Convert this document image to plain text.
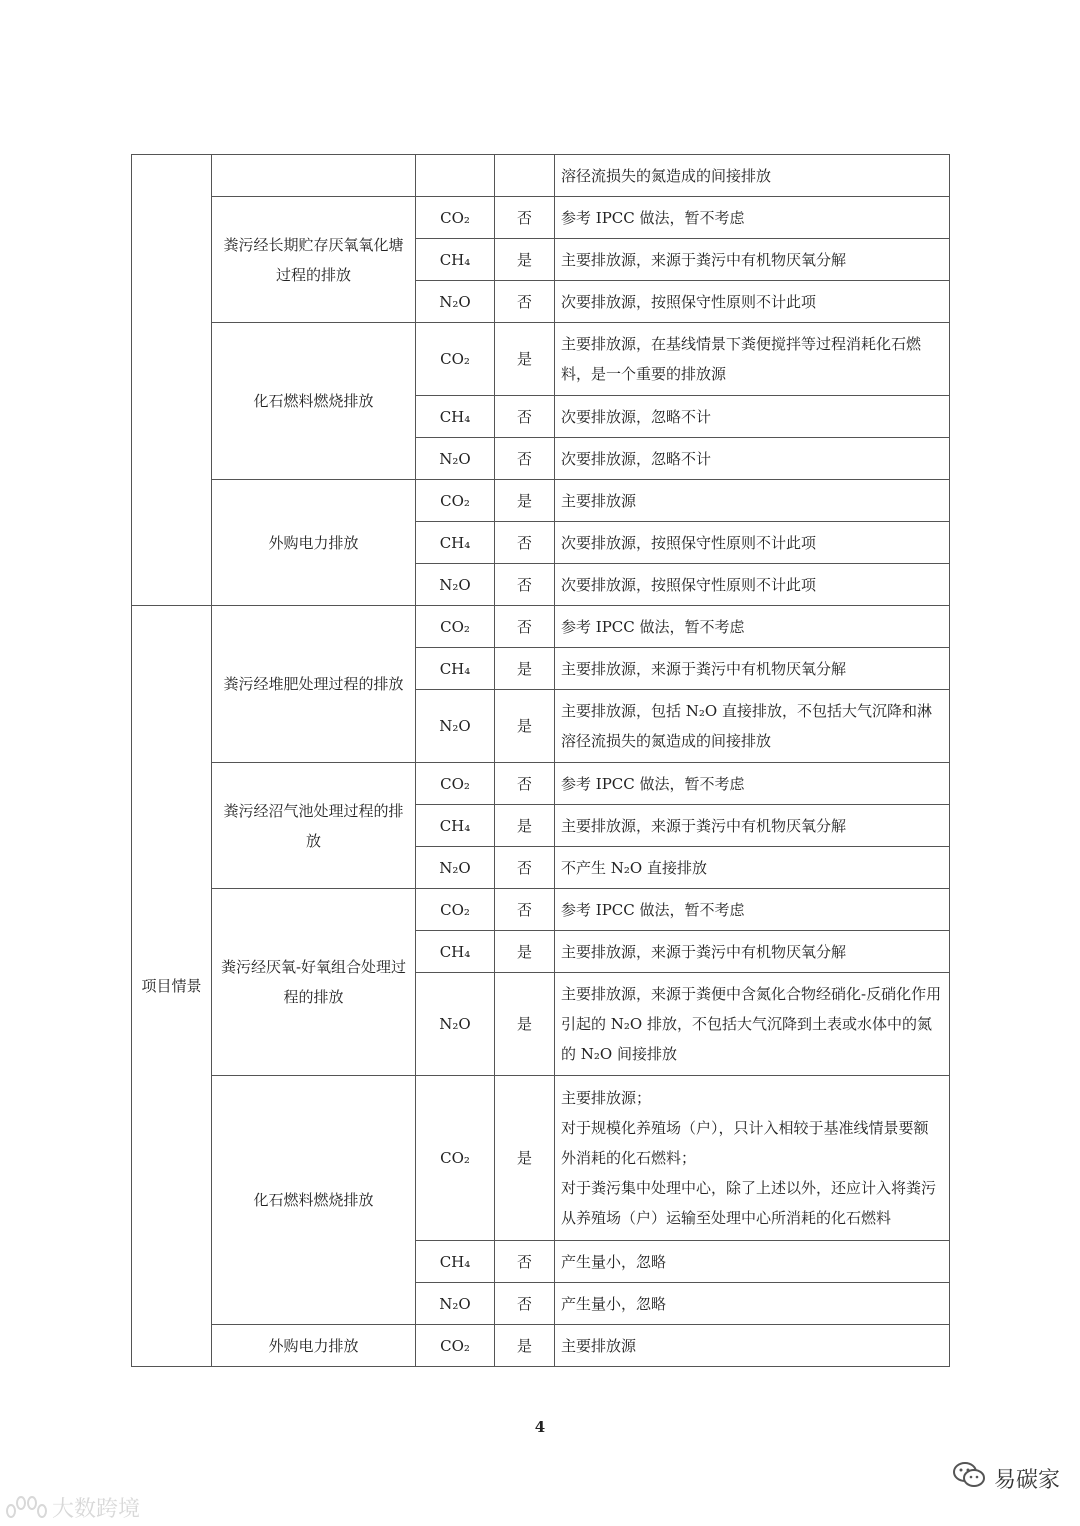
				溶径流损失的氮造成的间接排放
	粪污经长期贮存厌氧氧化塘过程的排放	CO₂	否	参考 IPCC 做法，暂不考虑
		CH₄	是	主要排放源，来源于粪污中有机物厌氧分解
		N₂O	否	次要排放源，按照保守性原则不计此项
	化石燃料燃烧排放	CO₂	是	主要排放源，在基线情景下粪便搅拌等过程消耗化石燃料，是一个重要的排放源
		CH₄	否	次要排放源，忽略不计
		N₂O	否	次要排放源，忽略不计
	外购电力排放	CO₂	是	主要排放源
		CH₄	否	次要排放源，按照保守性原则不计此项
		N₂O	否	次要排放源，按照保守性原则不计此项
项目情景	粪污经堆肥处理过程的排放	CO₂	否	参考 IPCC 做法，暂不考虑
		CH₄	是	主要排放源，来源于粪污中有机物厌氧分解
		N₂O	是	主要排放源，包括 N₂O 直接排放，不包括大气沉降和淋溶径流损失的氮造成的间接排放
	粪污经沼气池处理过程的排放	CO₂	否	参考 IPCC 做法，暂不考虑
		CH₄	是	主要排放源，来源于粪污中有机物厌氧分解
		N₂O	否	不产生 N₂O 直接排放
	粪污经厌氧-好氧组合处理过程的排放	CO₂	否	参考 IPCC 做法，暂不考虑
		CH₄	是	主要排放源，来源于粪污中有机物厌氧分解
		N₂O	是	主要排放源，来源于粪便中含氮化合物经硝化-反硝化作用引起的 N₂O 排放，不包括大气沉降到土表或水体中的氮的 N₂O 间接排放
	化石燃料燃烧排放	CO₂	是	主要排放源；
对于规模化养殖场（户），只计入相较于基准线情景要额外消耗的化石燃料；
对于粪污集中处理中心，除了上述以外，还应计入将粪污从养殖场（户）运输至处理中心所消耗的化石燃料

		CH₄	否	产生量小，忽略
		N₂O	否	产生量小，忽略
	外购电力排放	CO₂	是	主要排放源
4
大数跨境
易碳家
